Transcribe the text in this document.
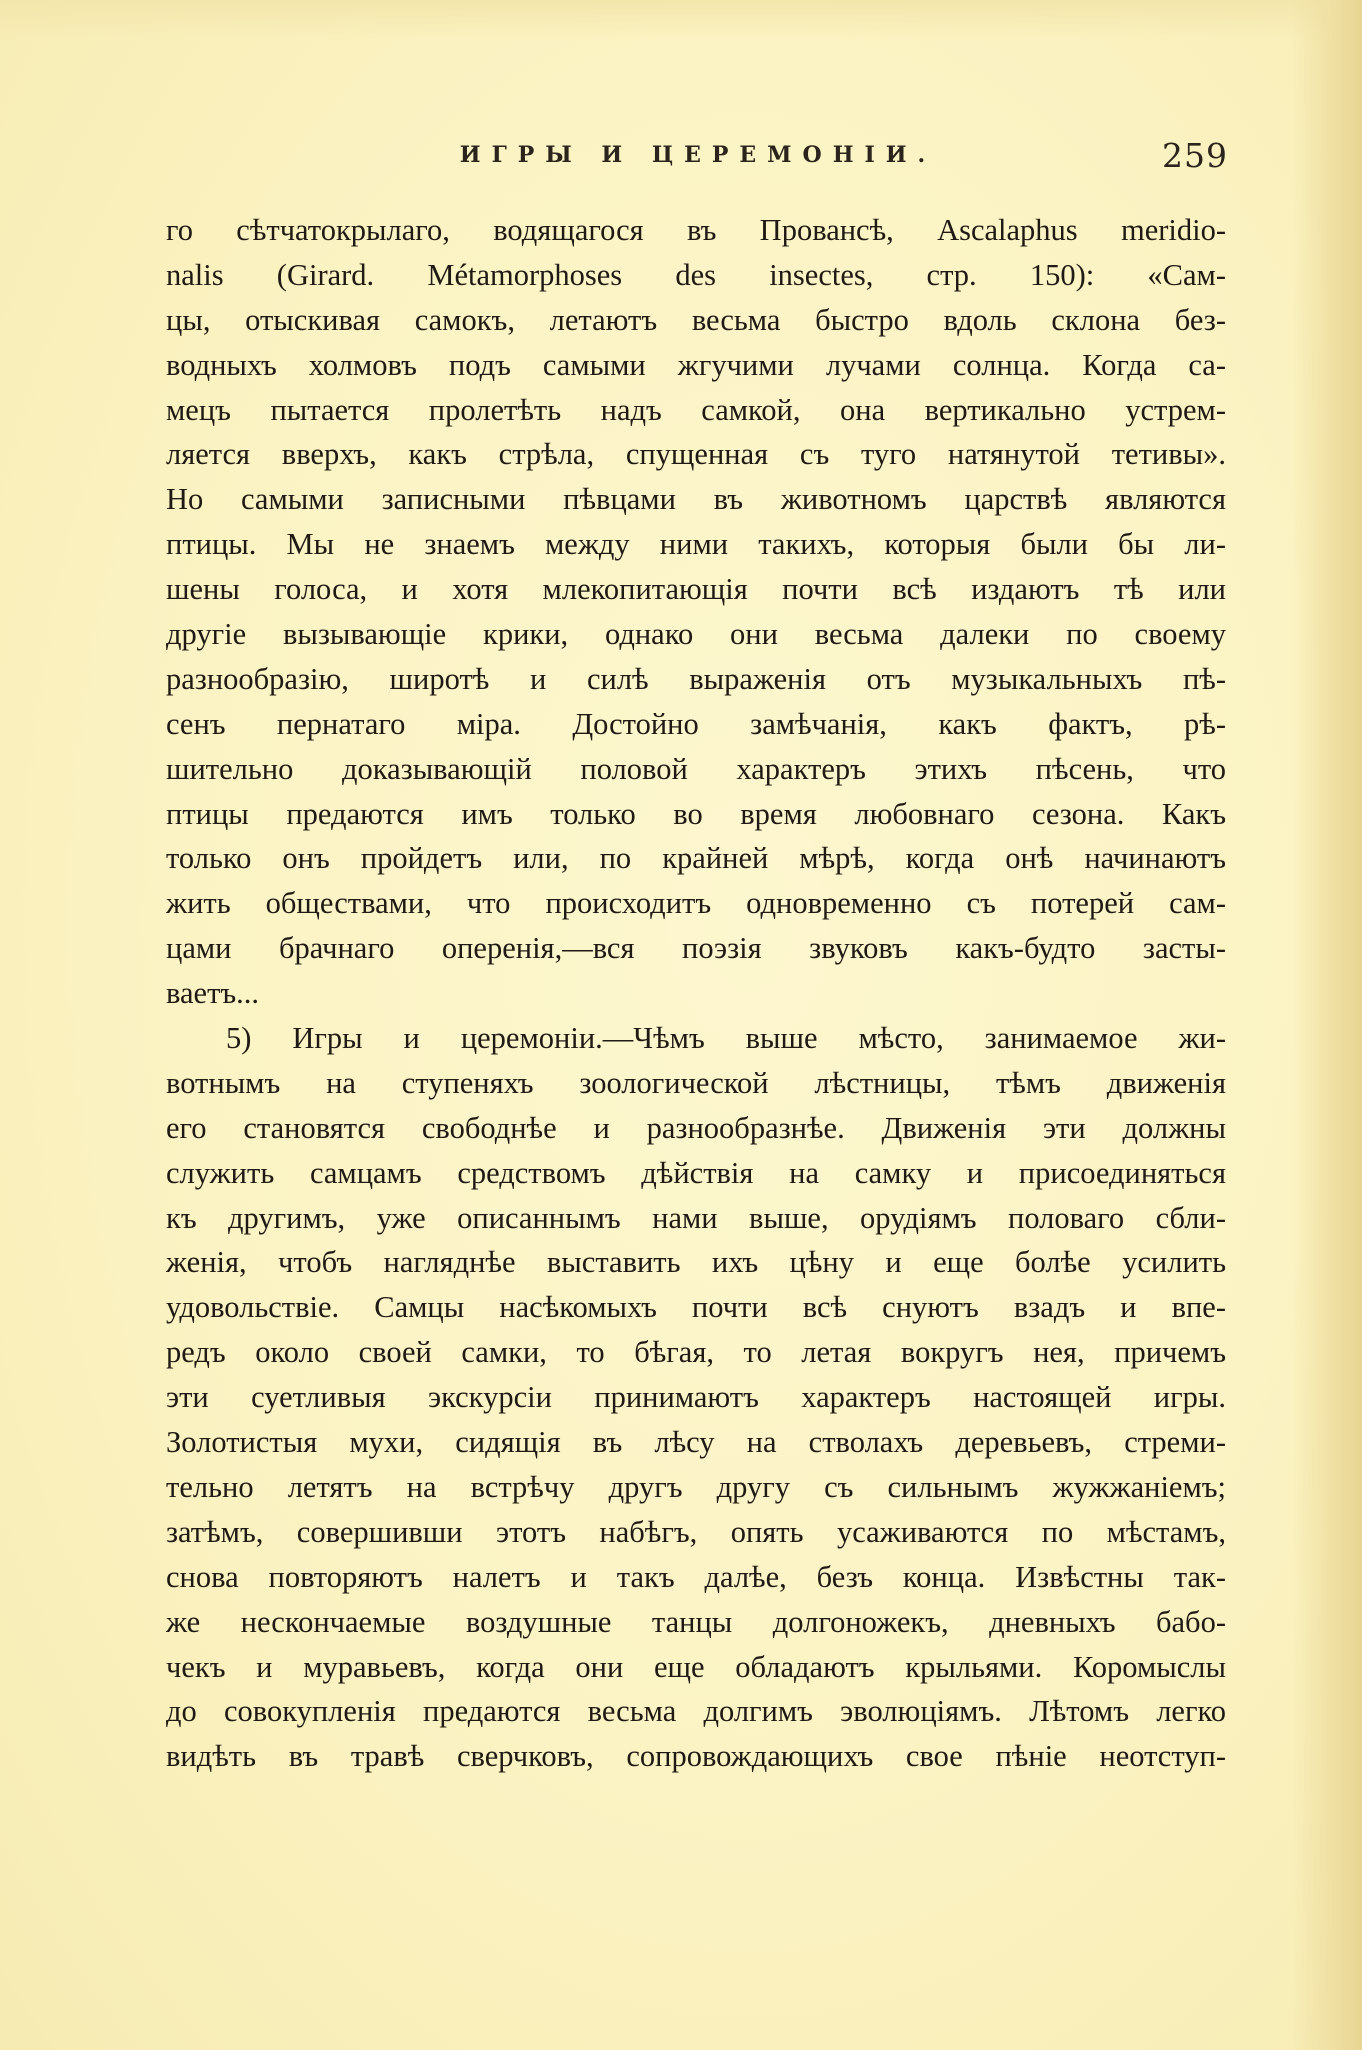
ИГРЫ И ЦЕРЕМОНІИ.	259
го сѣтчатокрылаго, водящагося въ Провансѣ, Ascalaphus meridio-
nalis (Girard. Métamorphoses des insectes, стр. 150): «Сам-
цы, отыскивая самокъ, летаютъ весьма быстро вдоль склона без-
водныхъ холмовъ подъ самыми жгучими лучами солнца. Когда са-
мецъ пытается пролетѣть надъ самкой, она вертикально устрем-
ляется вверхъ, какъ стрѣла, спущенная съ туго натянутой тетивы».
Но самыми записными пѣвцами въ животномъ царствѣ являются
птицы. Мы не знаемъ между ними такихъ, которыя были бы ли-
шены голоса, и хотя млекопитающія почти всѣ издаютъ тѣ или
другіе вызывающіе крики, однако они весьма далеки по своему
разнообразію, широтѣ и силѣ выраженія отъ музыкальныхъ пѣ-
сенъ пернатаго міра. Достойно замѣчанія, какъ фактъ, рѣ-
шительно доказывающій половой характеръ этихъ пѣсень, что
птицы предаются имъ только во время любовнаго сезона. Какъ
только онъ пройдетъ или, по крайней мѣрѣ, когда онѣ начинаютъ
жить обществами, что происходитъ одновременно съ потерей сам-
цами брачнаго оперенія,—вся поэзія звуковъ какъ-будто засты-
ваетъ...
5) Игры и церемоніи.—Чѣмъ выше мѣсто, занимаемое жи-
вотнымъ на ступеняхъ зоологической лѣстницы, тѣмъ движенія
его становятся свободнѣе и разнообразнѣе. Движенія эти должны
служить самцамъ средствомъ дѣйствія на самку и присоединяться
къ другимъ, уже описаннымъ нами выше, орудіямъ половаго сбли-
женія, чтобъ нагляднѣе выставить ихъ цѣну и еще болѣе усилить
удовольствіе. Самцы насѣкомыхъ почти всѣ снуютъ взадъ и впе-
редъ около своей самки, то бѣгая, то летая вокругъ нея, причемъ
эти суетливыя экскурсіи принимаютъ характеръ настоящей игры.
Золотистыя мухи, сидящія въ лѣсу на стволахъ деревьевъ, стреми-
тельно летятъ на встрѣчу другъ другу съ сильнымъ жужжаніемъ;
затѣмъ, совершивши этотъ набѣгъ, опять усаживаются по мѣстамъ,
снова повторяютъ налетъ и такъ далѣе, безъ конца. Извѣстны так-
же нескончаемые воздушные танцы долгоножекъ, дневныхъ бабо-
чекъ и муравьевъ, когда они еще обладаютъ крыльями. Коромыслы
до совокупленія предаются весьма долгимъ эволюціямъ. Лѣтомъ легко
видѣть въ травѣ сверчковъ, сопровождающихъ свое пѣніе неотступ-
